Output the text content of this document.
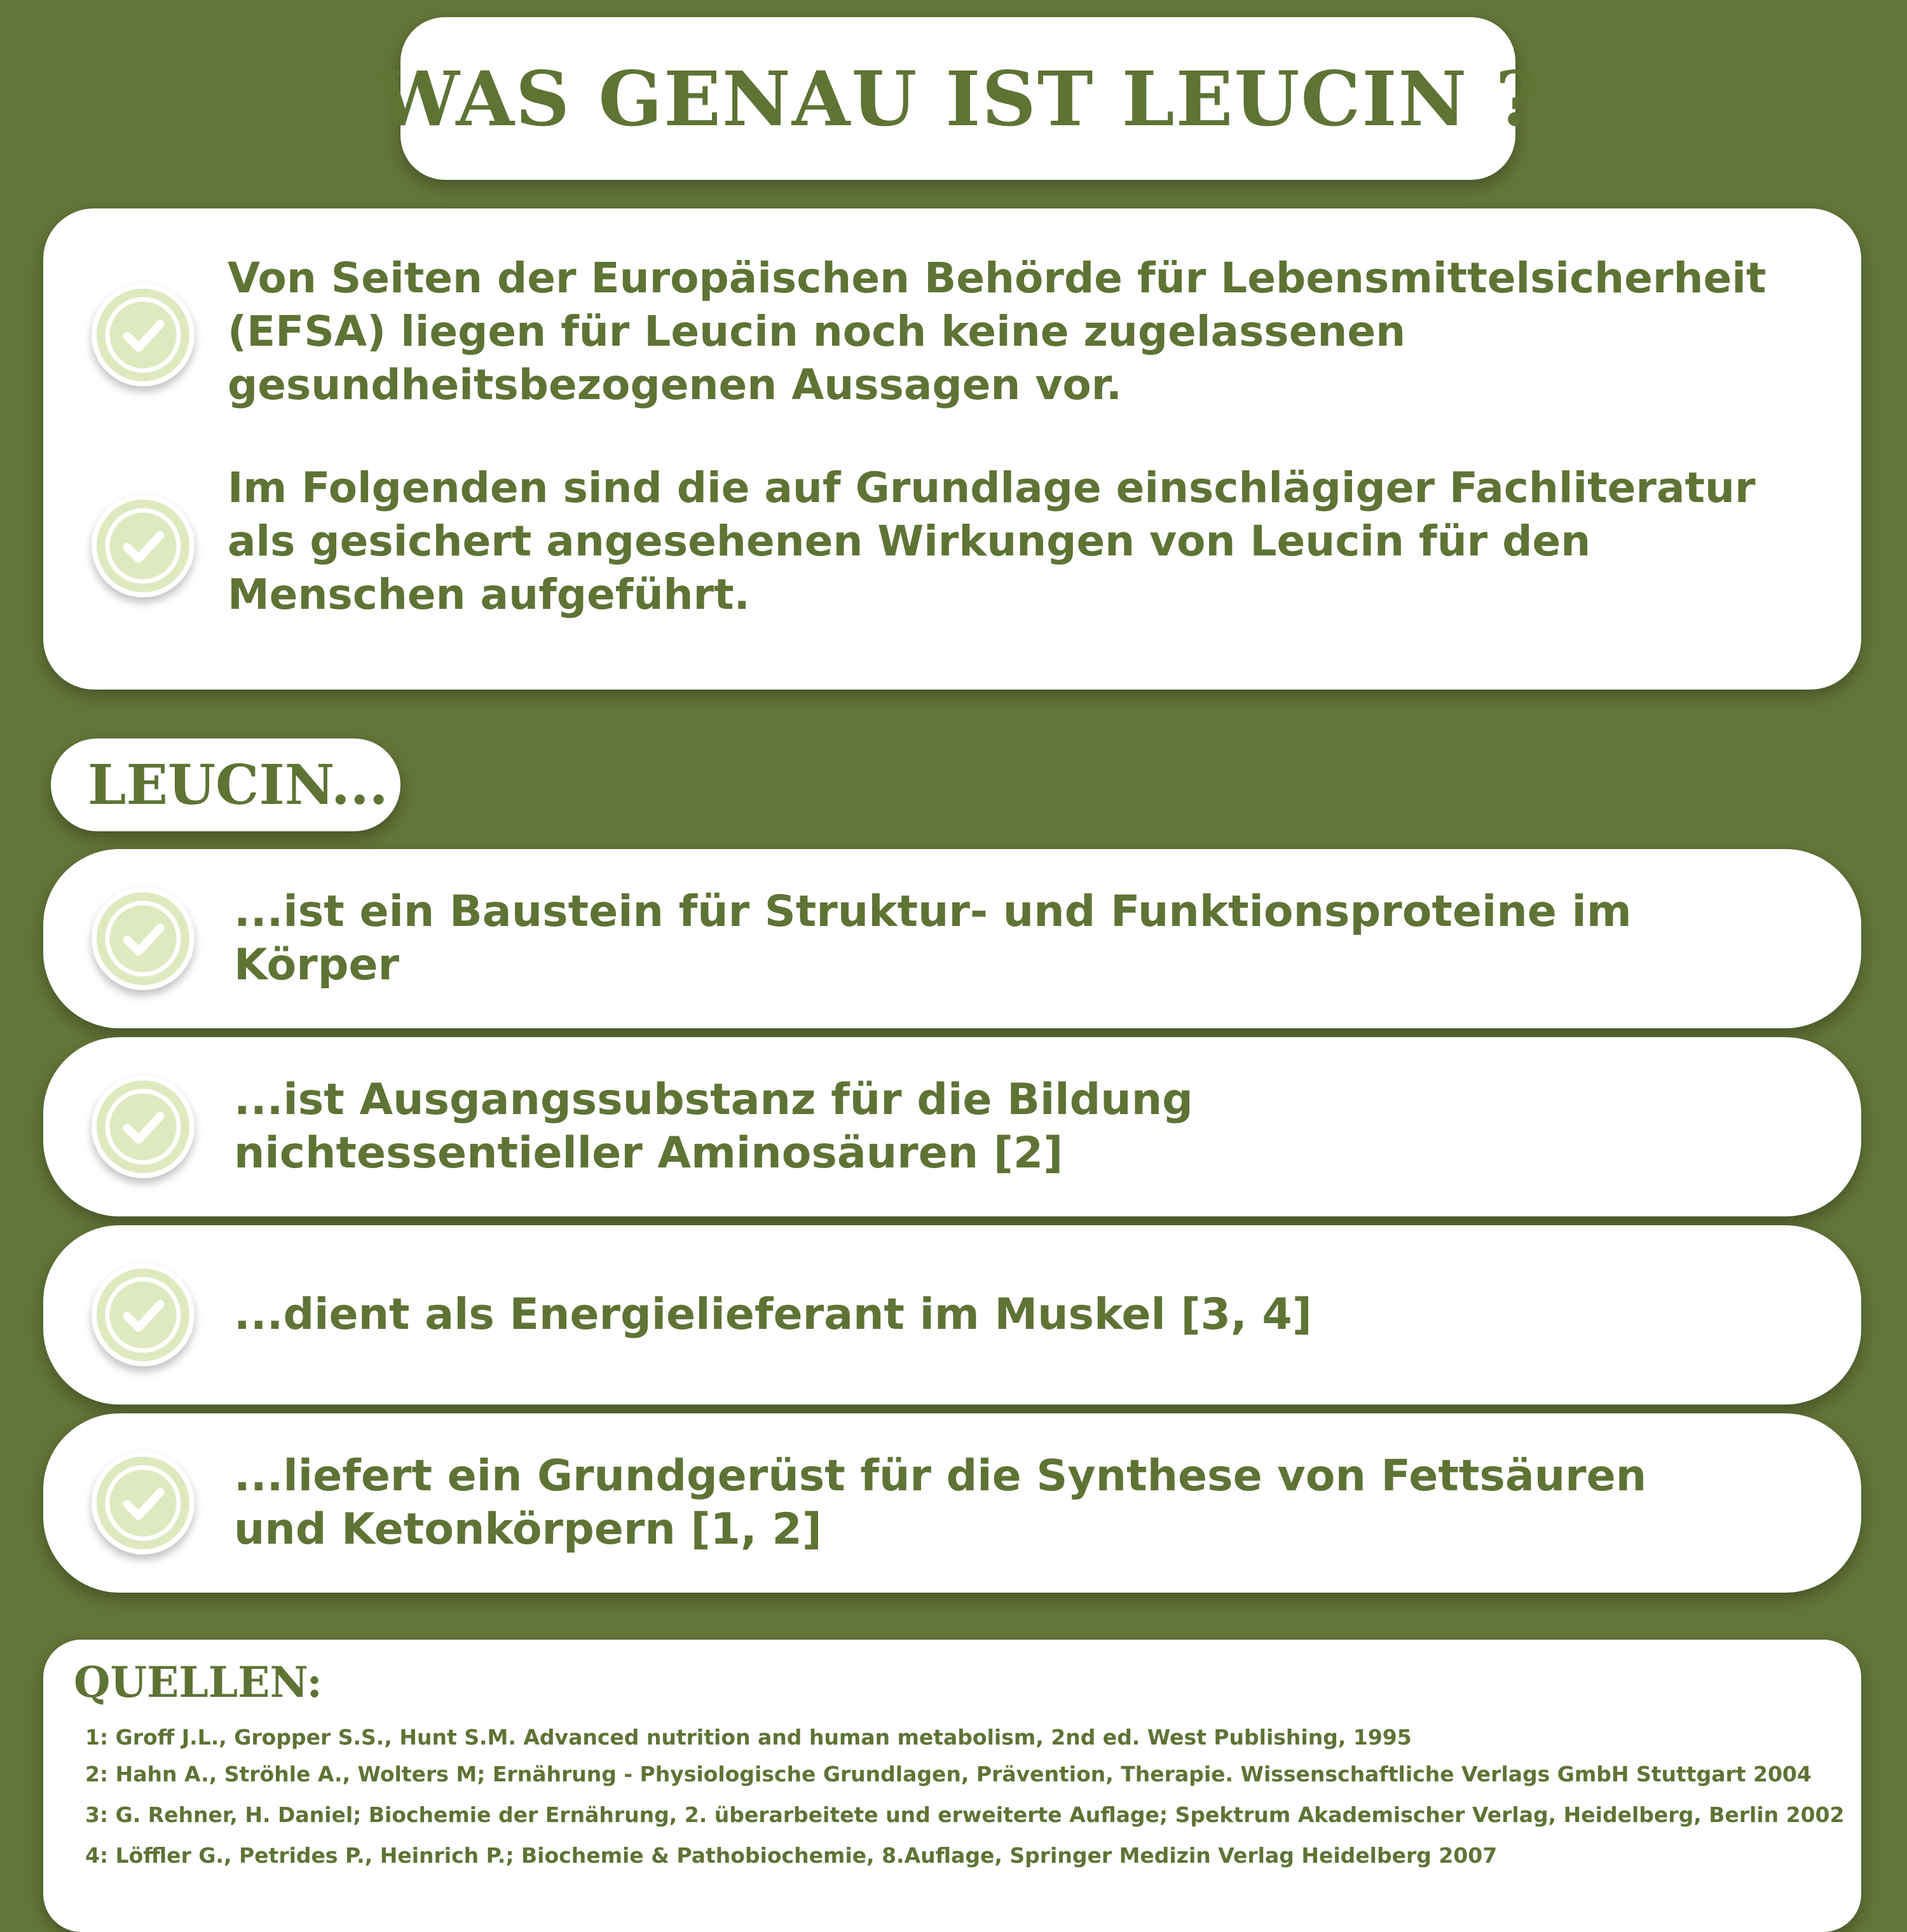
WAS GENAU IST LEUCIN ?

Von Seiten der Europäischen Behörde für Lebensmittelsicherheit (EFSA) liegen für Leucin noch keine zugelassenen gesundheitsbezogenen Aussagen vor.

Im Folgenden sind die auf Grundlage einschlägiger Fachliteratur als gesichert angesehenen Wirkungen von Leucin für den Menschen aufgeführt.

LEUCIN...
...ist ein Baustein für Struktur- und Funktionsproteine im Körper
...ist Ausgangssubstanz für die Bildung nichtessentieller Aminosäuren [2]
...dient als Energielieferant im Muskel [3, 4]
...liefert ein Grundgerüst für die Synthese von Fettsäuren und Ketonkörpern [1, 2]
QUELLEN:

1: Groff J.L., Gropper S.S., Hunt S.M. Advanced nutrition and human metabolism, 2nd ed. West Publishing, 1995

2: Hahn A., Ströhle A., Wolters M; Ernährung - Physiologische Grundlagen, Prävention, Therapie. Wissenschaftliche Verlags GmbH Stuttgart 2004

3: G. Rehner, H. Daniel; Biochemie der Ernährung, 2. überarbeitete und erweiterte Auflage; Spektrum Akademischer Verlag, Heidelberg, Berlin 2002

4: Löffler G., Petrides P., Heinrich P.; Biochemie & Pathobiochemie, 8.Auflage, Springer Medizin Verlag Heidelberg 2007
